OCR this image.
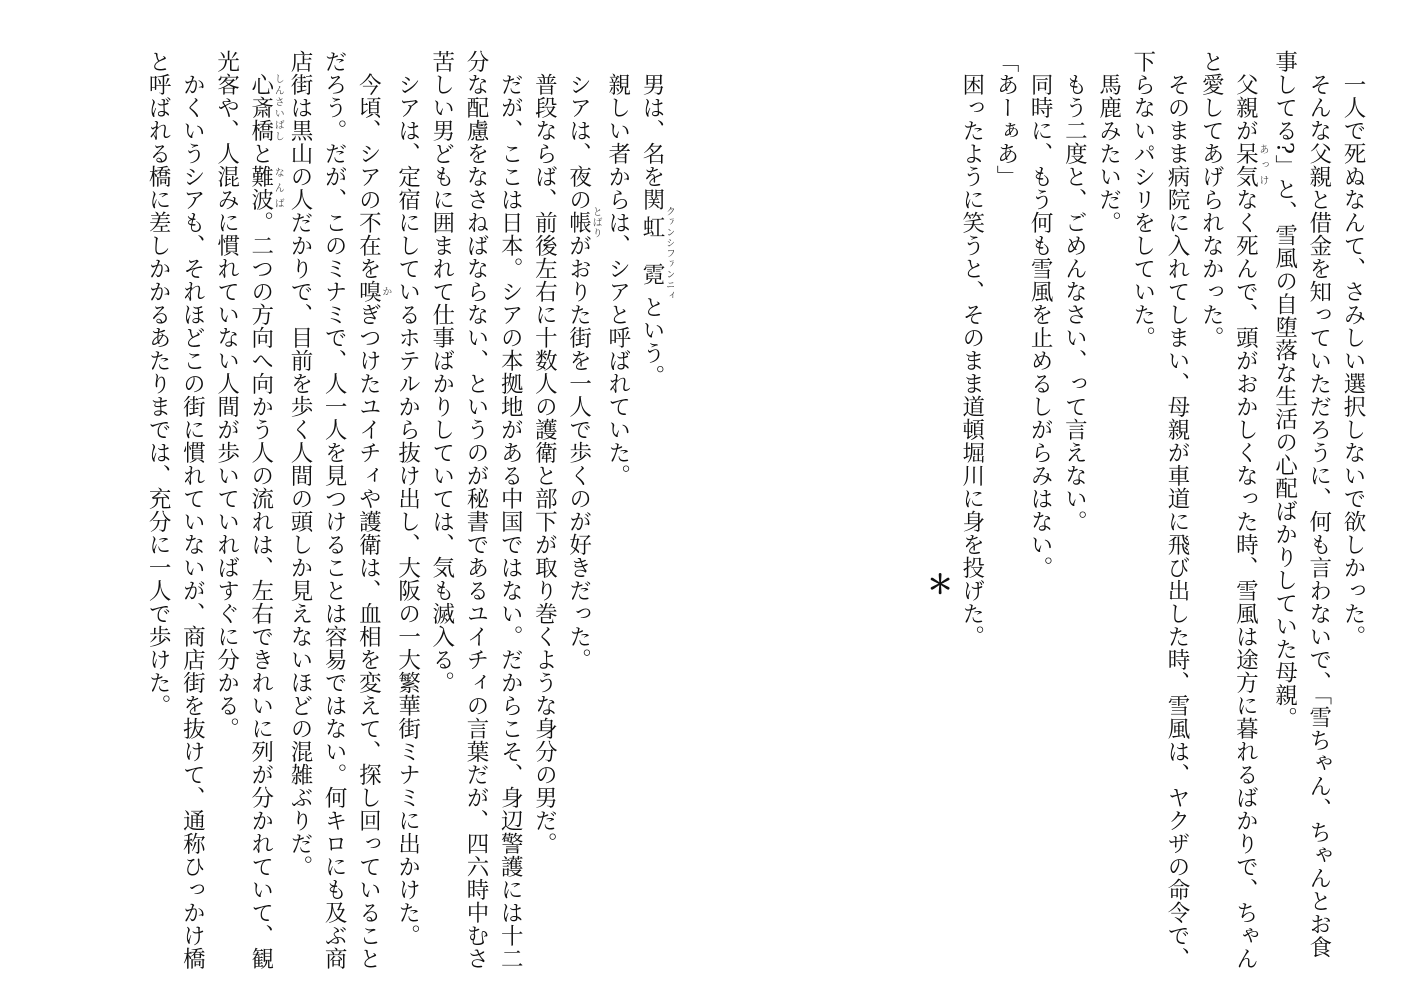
一人で死ぬなんて、さみしい選択しないで欲しかった。

そんな父親と借金を知っていただろうに、何も言わないで、「雪ちゃん、ちゃんとお食事してる?」と、雪風の自堕落な生活の心配ばかりしていた母親。

父親が呆気あっけなく死んで、頭がおかしくなった時、雪風は途方に暮れるばかりで、ちゃんと愛してあげられなかった。

そのまま病院に入れてしまい、母親が車道に飛び出した時、雪風は、ヤクザの命令で、下らないパシリをしていた。

馬鹿みたいだ。

もう二度と、ごめんなさい、って言えない。

同時に、もう何も雪風を止めるしがらみはない。

「あーぁあ」

困ったように笑うと、そのまま道頓堀川に身を投げた。

＊

男は、名を関虹クァンシ霓ファンニィという。

親しい者からは、シアと呼ばれていた。

シアは、夜の帳とばりがおりた街を一人で歩くのが好きだった。

普段ならば、前後左右に十数人の護衛と部下が取り巻くような身分の男だ。

だが、ここは日本。シアの本拠地がある中国ではない。だからこそ、身辺警護には十二分な配慮をなさねばならない、というのが秘書であるユイチィの言葉だが、四六時中むさ苦しい男どもに囲まれて仕事ばかりしていては、気も滅入る。

シアは、定宿にしているホテルから抜け出し、大阪の一大繁華街ミナミに出かけた。

今頃、シアの不在を嗅かぎつけたユイチィや護衛は、血相を変えて、探し回っていることだろう。だが、このミナミで、人一人を見つけることは容易ではない。何キロにも及ぶ商店街は黒山の人だかりで、目前を歩く人間の頭しか見えないほどの混雑ぶりだ。

心斎橋しんさいばしと難波なんば。二つの方向へ向かう人の流れは、左右できれいに列が分かれていて、観光客や、人混みに慣れていない人間が歩いていればすぐに分かる。

かくいうシアも、それほどこの街に慣れていないが、商店街を抜けて、通称ひっかけ橋と呼ばれる橋に差しかかるあたりまでは、充分に一人で歩けた。
